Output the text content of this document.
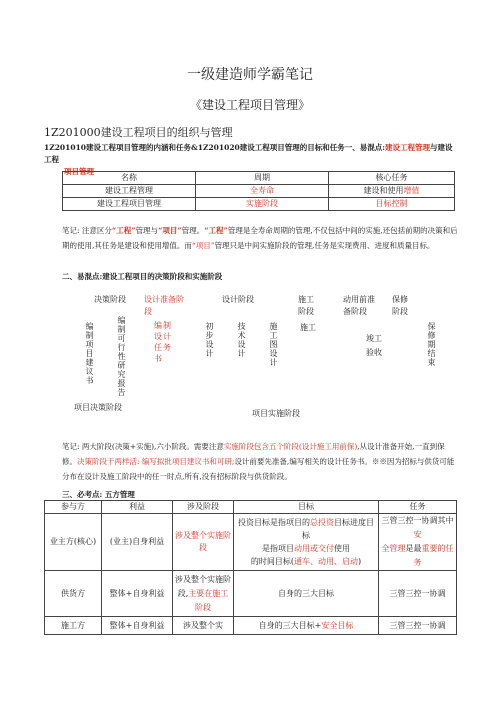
一级建造师学霸笔记
《建设工程项目管理》
1Z201000建设工程项目的组织与管理
1Z201010建设工程项目管理的内涵和任务&1Z201020建设工程项目管理的目标和任务一、易混点:建设工程管理与建设工程
项目管理
名称	周期	核心任务
建设工程管理	全寿命	建设和使用增值
建设工程项目管理	实施阶段	目标控制
笔记: 注意区分“工程”管理与“项目”管理。“工程”管理是全寿命周期的管理,不仅包括中间的实施,还包括前期的决策和后期的使用,其任务是建设和使用增值。而“项目”管理只是中间实施阶段的管理,任务是实现费用、进度和质量目标。
二、易混点:建设工程项目的决策阶段和实施阶段
决策阶段 设计准备阶段
设计阶段	施工阶段
动用前准备阶段
保修阶段
编制项目建议书	编制可行性研究报告	编制设计任务书
初步设计	技术设计	施工图设计	施工
竣工验收	保修期结束
项目决策阶段
项目实施阶段
笔记: 两大阶段(决策+实施),六小阶段。需要注意实施阶段包含五个阶段(设计施工用前保),从设计准备开始,一直到保修。决策阶段干两样活: 编写拟批项目建议书和可研;设计前要先准备,编写相关的设计任务书。※※因为招标与供货可能分布在设计及施工阶段中的任一时点,所有,没有招标阶段与供货阶段。
三、必考点: 五方管理
参与方	利益	涉及阶段	目标	任务
业主方(核心)	(业主)自身利益	涉及整个实施阶段	投资目标是指项目的总投资目标进度目标
是指项目动用或交付使用
的时间目标(通车、动用、启动)	三管三控一协调其中安
全管理是最重要的任务
供货方	整体+自身利益	涉及整个实施阶段,主要在施工阶段	自身的三大目标	三管三控一协调
施工方	整体+自身利益	涉及整个实	自身的三大目标+安全目标	三管三控一协调
